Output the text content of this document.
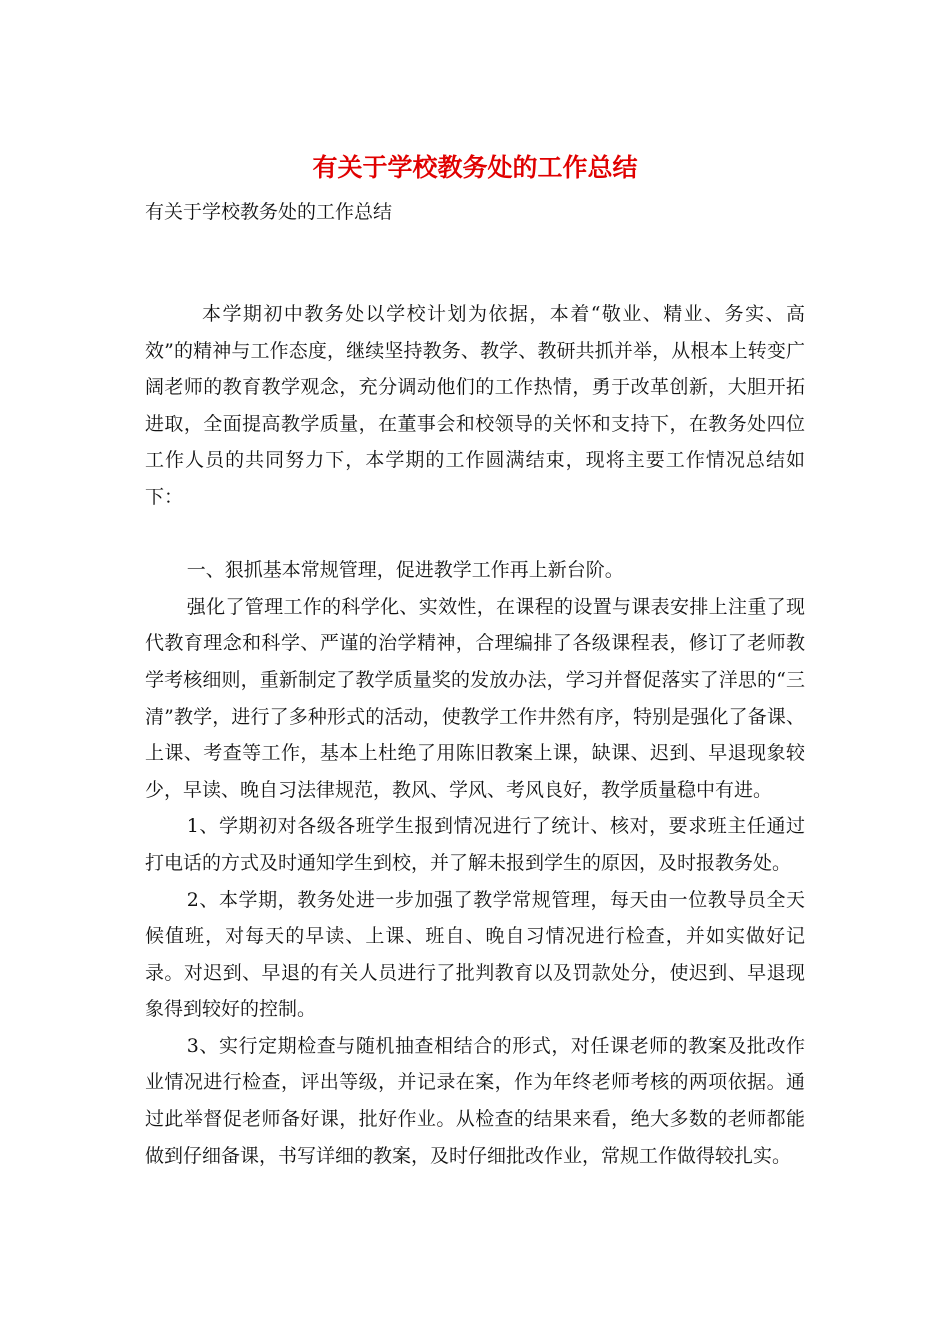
有关于学校教务处的工作总结

有关于学校教务处的工作总结

本学期初中教务处以学校计划为依据，本着“敬业、精业、务实、高效”的精神与工作态度，继续坚持教务、教学、教研共抓并举，从根本上转变广阔老师的教育教学观念，充分调动他们的工作热情，勇于改革创新，大胆开拓进取，全面提高教学质量，在董事会和校领导的关怀和支持下，在教务处四位工作人员的共同努力下，本学期的工作圆满结束，现将主要工作情况总结如下：

一、狠抓基本常规管理，促进教学工作再上新台阶。

强化了管理工作的科学化、实效性，在课程的设置与课表安排上注重了现代教育理念和科学、严谨的治学精神，合理编排了各级课程表，修订了老师教学考核细则，重新制定了教学质量奖的发放办法，学习并督促落实了洋思的“三清”教学，进行了多种形式的活动，使教学工作井然有序，特别是强化了备课、上课、考查等工作，基本上杜绝了用陈旧教案上课，缺课、迟到、早退现象较少，早读、晚自习法律规范，教风、学风、考风良好，教学质量稳中有进。

1、学期初对各级各班学生报到情况进行了统计、核对，要求班主任通过打电话的方式及时通知学生到校，并了解未报到学生的原因，及时报教务处。

2、本学期，教务处进一步加强了教学常规管理，每天由一位教导员全天候值班，对每天的早读、上课、班自、晚自习情况进行检查，并如实做好记录。对迟到、早退的有关人员进行了批判教育以及罚款处分，使迟到、早退现象得到较好的控制。

3、实行定期检查与随机抽查相结合的形式，对任课老师的教案及批改作业情况进行检查，评出等级，并记录在案，作为年终老师考核的两项依据。通过此举督促老师备好课，批好作业。从检查的结果来看，绝大多数的老师都能做到仔细备课，书写详细的教案，及时仔细批改作业，常规工作做得较扎实。
